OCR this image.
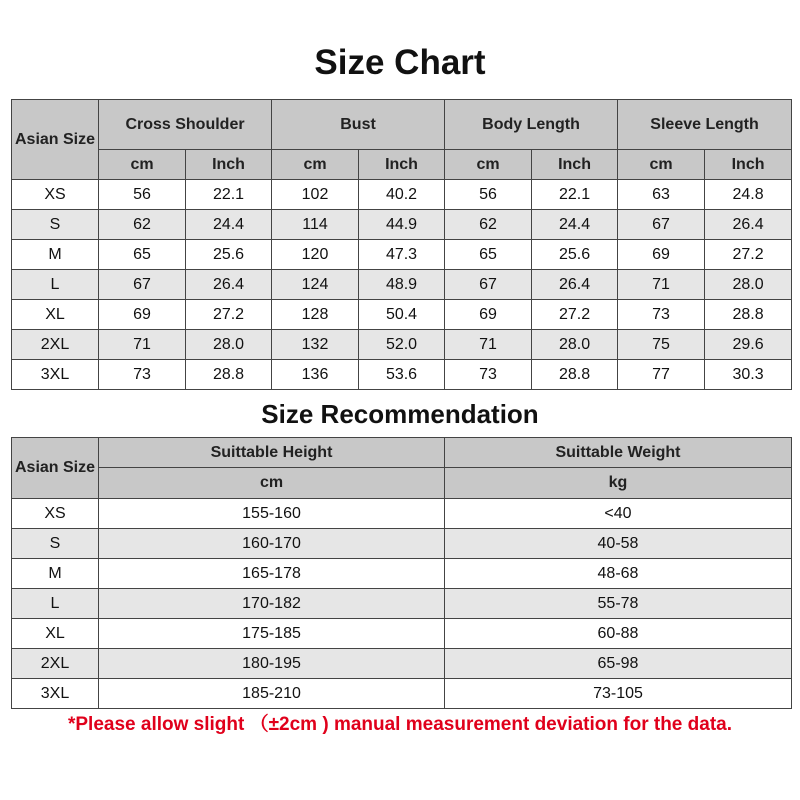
Size Chart
Asian Size	Cross Shoulder		Bust		Body Length		Sleeve Length	
	cm	Inch	cm	Inch	cm	Inch	cm	Inch
XS	56	22.1	102	40.2	56	22.1	63	24.8
S	62	24.4	114	44.9	62	24.4	67	26.4
M	65	25.6	120	47.3	65	25.6	69	27.2
L	67	26.4	124	48.9	67	26.4	71	28.0
XL	69	27.2	128	50.4	69	27.2	73	28.8
2XL	71	28.0	132	52.0	71	28.0	75	29.6
3XL	73	28.8	136	53.6	73	28.8	77	30.3
Size Recommendation
Asian Size	Suittable Height	Suittable Weight
	cm	kg
XS	155-160	<40
S	160-170	40-58
M	165-178	48-68
L	170-182	55-78
XL	175-185	60-88
2XL	180-195	65-98
3XL	185-210	73-105
*Please allow slight （±2cm ) manual measurement deviation for the data.
